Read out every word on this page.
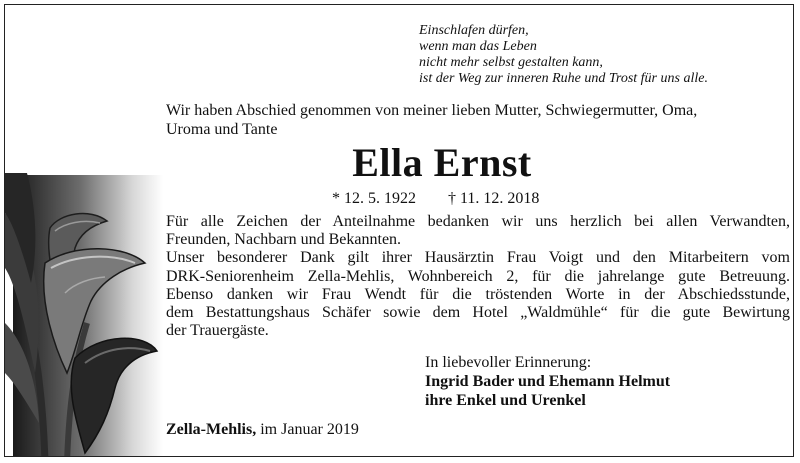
Einschlafen dürfen,
wenn man das Leben
nicht mehr selbst gestalten kann,
ist der Weg zur inneren Ruhe und Trost für uns alle.
Wir haben Abschied genommen von meiner lieben Mutter, Schwiegermutter, Oma,
Uroma und Tante
Ella Ernst
* 12. 5. 1922 † 11. 12. 2018
Für alle Zeichen der Anteilnahme bedanken wir uns herzlich bei allen Verwandten,
Freunden, Nachbarn und Bekannten.
Unser besonderer Dank gilt ihrer Hausärztin Frau Voigt und den Mitarbeitern vom
DRK-Seniorenheim Zella-Mehlis, Wohnbereich 2, für die jahrelange gute Betreuung.
Ebenso danken wir Frau Wendt für die tröstenden Worte in der Abschiedsstunde,
dem Bestattungshaus Schäfer sowie dem Hotel „Waldmühle“ für die gute Bewirtung
der Trauergäste.
In liebevoller Erinnerung:
Ingrid Bader und Ehemann Helmut
ihre Enkel und Urenkel
Zella-Mehlis, im Januar 2019
